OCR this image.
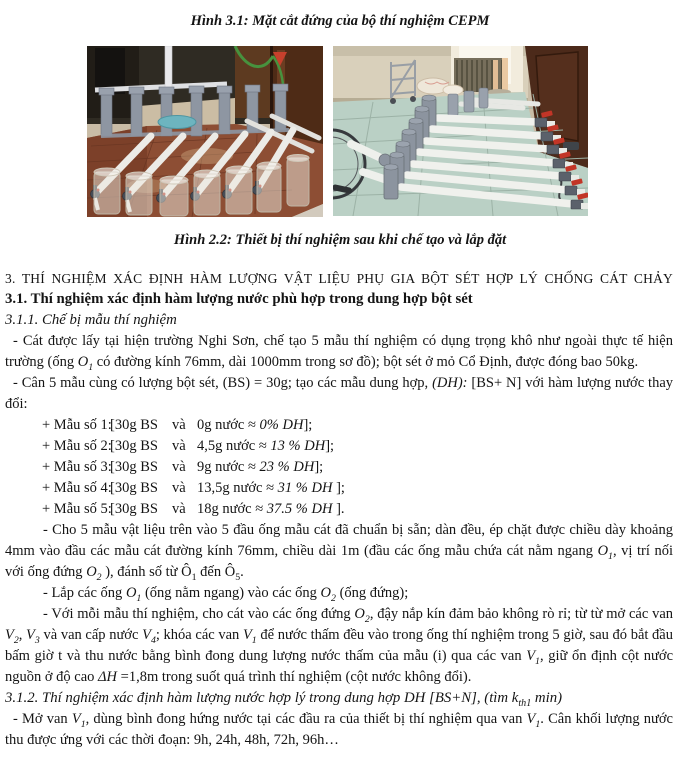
Hình 3.1: Mặt cắt đứng của bộ thí nghiệm CEPM
Hình 2.2: Thiết bị thí nghiệm sau khi chế tạo và lắp đặt
3. THÍ NGHIỆM XÁC ĐỊNH HÀM LƯỢNG VẬT LIỆU PHỤ GIA BỘT SÉT HỢP LÝ CHỐNG CÁT CHẢY
3.1. Thí nghiệm xác định hàm lượng nước phù hợp trong dung hợp bột sét
3.1.1. Chế bị mẫu thí nghiệm

- Cát được lấy tại hiện trường Nghi Sơn, chế tạo 5 mẫu thí nghiệm có dụng trọng khô như ngoài thực tế hiện trường (ống $O_1$ có đường kính 76mm, dài 1000mm trong sơ đồ); bột sét ở mỏ Cổ Định, được đóng bao 50kg.

- Cân 5 mẫu cùng có lượng bột sét, (BS) = 30g; tạo các mẫu dung hợp, (DH): [BS+ N] với hàm lượng nước thay đổi:

+ Mẫu số 1:[30g BS và 0g nước ≈ 0% DH];
+ Mẫu số 2:[30g BS và 4,5g nước ≈ 13 % DH];
+ Mẫu số 3:[30g BS và 9g nước ≈ 23 % DH];
+ Mẫu số 4:[30g BS và 13,5g nước ≈ 31 % DH ];
+ Mẫu số 5:[30g BS và 18g nước ≈ 37.5 % DH ].

- Cho 5 mẫu vật liệu trên vào 5 đầu ống mẫu cát đã chuẩn bị sẵn; dàn đều, ép chặt được chiều dày khoảng 4mm vào đầu các mẫu cát đường kính 76mm, chiều dài 1m (đầu các ống mẫu chứa cát nằm ngang $O_1$, vị trí nối với ống đứng $O_2$ ), đánh số từ $Ô_1$ đến $Ô_5$.

- Lắp các ống $O_1$ (ống nằm ngang) vào các ống $O_2$ (ống đứng);

- Với mỗi mẫu thí nghiệm, cho cát vào các ống đứng $O_2$, đậy nắp kín đảm bảo không rò rỉ; từ từ mở các van $V_2$, $V_3$ và van cấp nước $V_4$; khóa các van $V_1$ để nước thấm đều vào trong ống thí nghiệm trong 5 giờ, sau đó bắt đầu bấm giờ t và thu nước bằng bình đong dung lượng nước thấm của mẫu (i) qua các van $V_1$, giữ ổn định cột nước nguồn ở độ cao ΔH =1,8m trong suốt quá trình thí nghiệm (cột nước không đổi).

3.1.2. Thí nghiệm xác định hàm lượng nước hợp lý trong dung hợp DH [BS+N], (tìm $k_{th1}$ min)

- Mở van $V_1$, dùng bình đong hứng nước tại các đầu ra của thiết bị thí nghiệm qua van $V_1$. Cân khối lượng nước thu được ứng với các thời đoạn: 9h, 24h, 48h, 72h, 96h…
